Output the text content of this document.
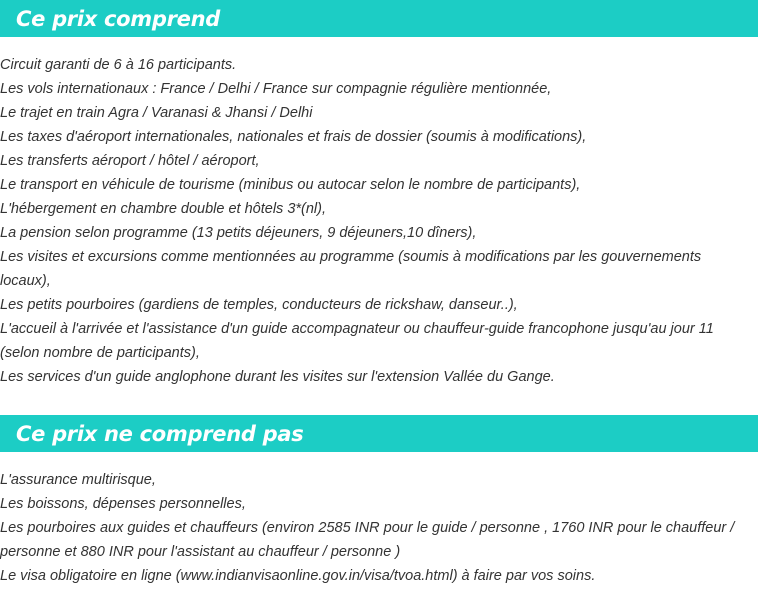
Ce prix comprend
Circuit garanti de 6 à 16 participants.
Les vols internationaux : France / Delhi / France sur compagnie régulière mentionnée,
Le trajet en train Agra / Varanasi & Jhansi / Delhi
Les taxes d'aéroport internationales, nationales et frais de dossier (soumis à modifications),
Les transferts aéroport / hôtel / aéroport,
Le transport en véhicule de tourisme (minibus ou autocar selon le nombre de participants),
L'hébergement en chambre double et hôtels 3*(nl),
La pension selon programme (13 petits déjeuners, 9 déjeuners,10 dîners),
Les visites et excursions comme mentionnées au programme (soumis à modifications par les gouvernements locaux),
Les petits pourboires (gardiens de temples, conducteurs de rickshaw, danseur..),
L'accueil à l'arrivée et l'assistance d'un guide accompagnateur ou chauffeur-guide francophone jusqu'au jour 11 (selon nombre de participants),
Les services d'un guide anglophone durant les visites sur l'extension Vallée du Gange.
Ce prix ne comprend pas
L'assurance multirisque,
Les boissons, dépenses personnelles,
Les pourboires aux guides et chauffeurs (environ 2585 INR pour le guide / personne , 1760 INR pour le chauffeur / personne et 880 INR pour l'assistant au chauffeur / personne )
Le visa obligatoire en ligne (www.indianvisaonline.gov.in/visa/tvoa.html) à faire par vos soins.
